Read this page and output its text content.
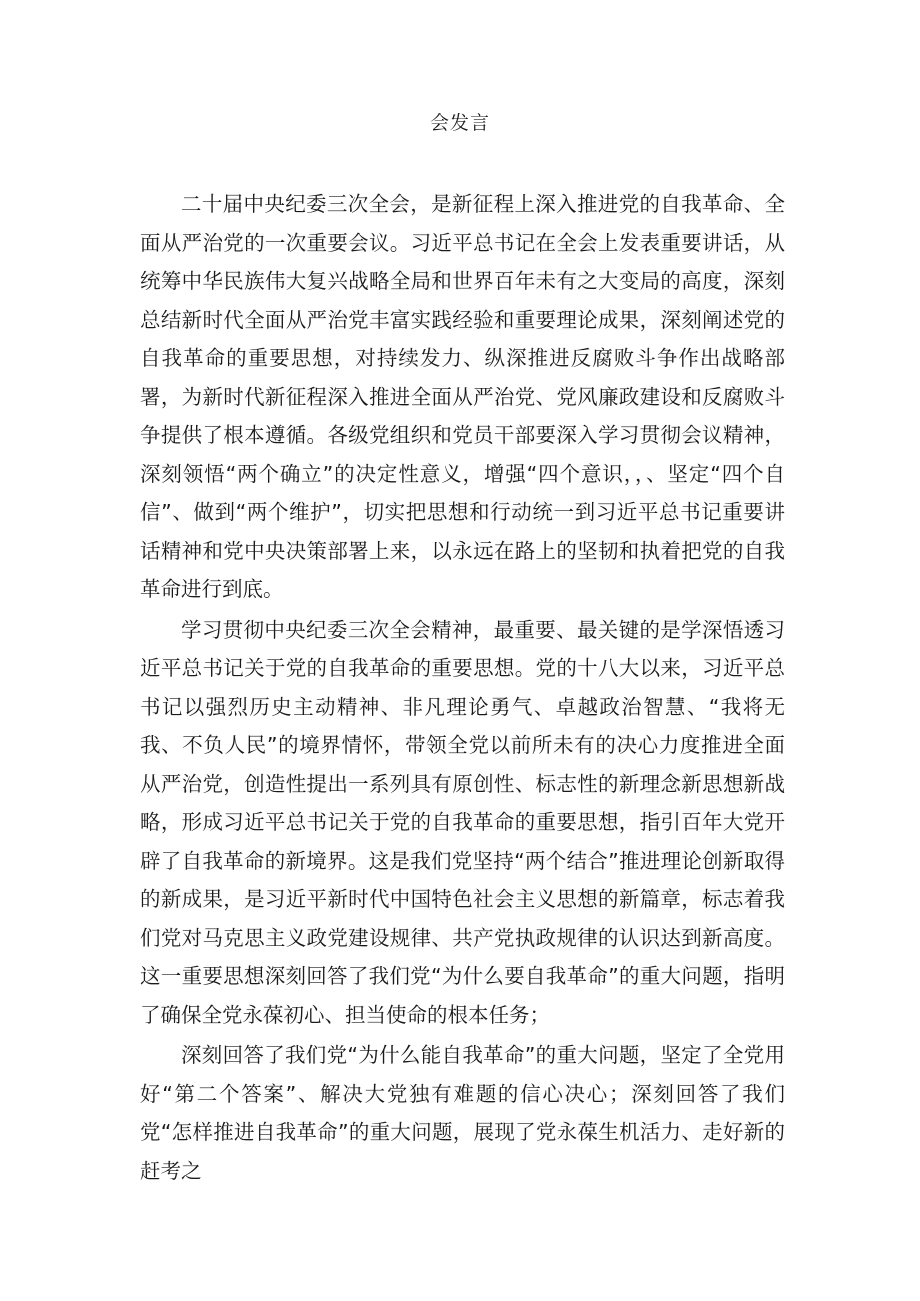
会发言

二十届中央纪委三次全会，是新征程上深入推进党的自我革命、全面从严治党的一次重要会议。习近平总书记在全会上发表重要讲话，从统筹中华民族伟大复兴战略全局和世界百年未有之大变局的高度，深刻总结新时代全面从严治党丰富实践经验和重要理论成果，深刻阐述党的自我革命的重要思想，对持续发力、纵深推进反腐败斗争作出战略部署，为新时代新征程深入推进全面从严治党、党风廉政建设和反腐败斗争提供了根本遵循。各级党组织和党员干部要深入学习贯彻会议精神，深刻领悟“两个确立”的决定性意义，增强“四个意识，，、坚定“四个自信”、做到“两个维护”，切实把思想和行动统一到习近平总书记重要讲话精神和党中央决策部署上来，以永远在路上的坚韧和执着把党的自我革命进行到底。

学习贯彻中央纪委三次全会精神，最重要、最关键的是学深悟透习近平总书记关于党的自我革命的重要思想。党的十八大以来，习近平总书记以强烈历史主动精神、非凡理论勇气、卓越政治智慧、“我将无我、不负人民”的境界情怀，带领全党以前所未有的决心力度推进全面从严治党，创造性提出一系列具有原创性、标志性的新理念新思想新战略，形成习近平总书记关于党的自我革命的重要思想，指引百年大党开辟了自我革命的新境界。这是我们党坚持“两个结合”推进理论创新取得的新成果，是习近平新时代中国特色社会主义思想的新篇章，标志着我们党对马克思主义政党建设规律、共产党执政规律的认识达到新高度。这一重要思想深刻回答了我们党“为什么要自我革命”的重大问题，指明了确保全党永葆初心、担当使命的根本任务；

深刻回答了我们党“为什么能自我革命”的重大问题，坚定了全党用好“第二个答案”、解决大党独有难题的信心决心；深刻回答了我们党“怎样推进自我革命”的重大问题，展现了党永葆生机活力、走好新的赶考之
